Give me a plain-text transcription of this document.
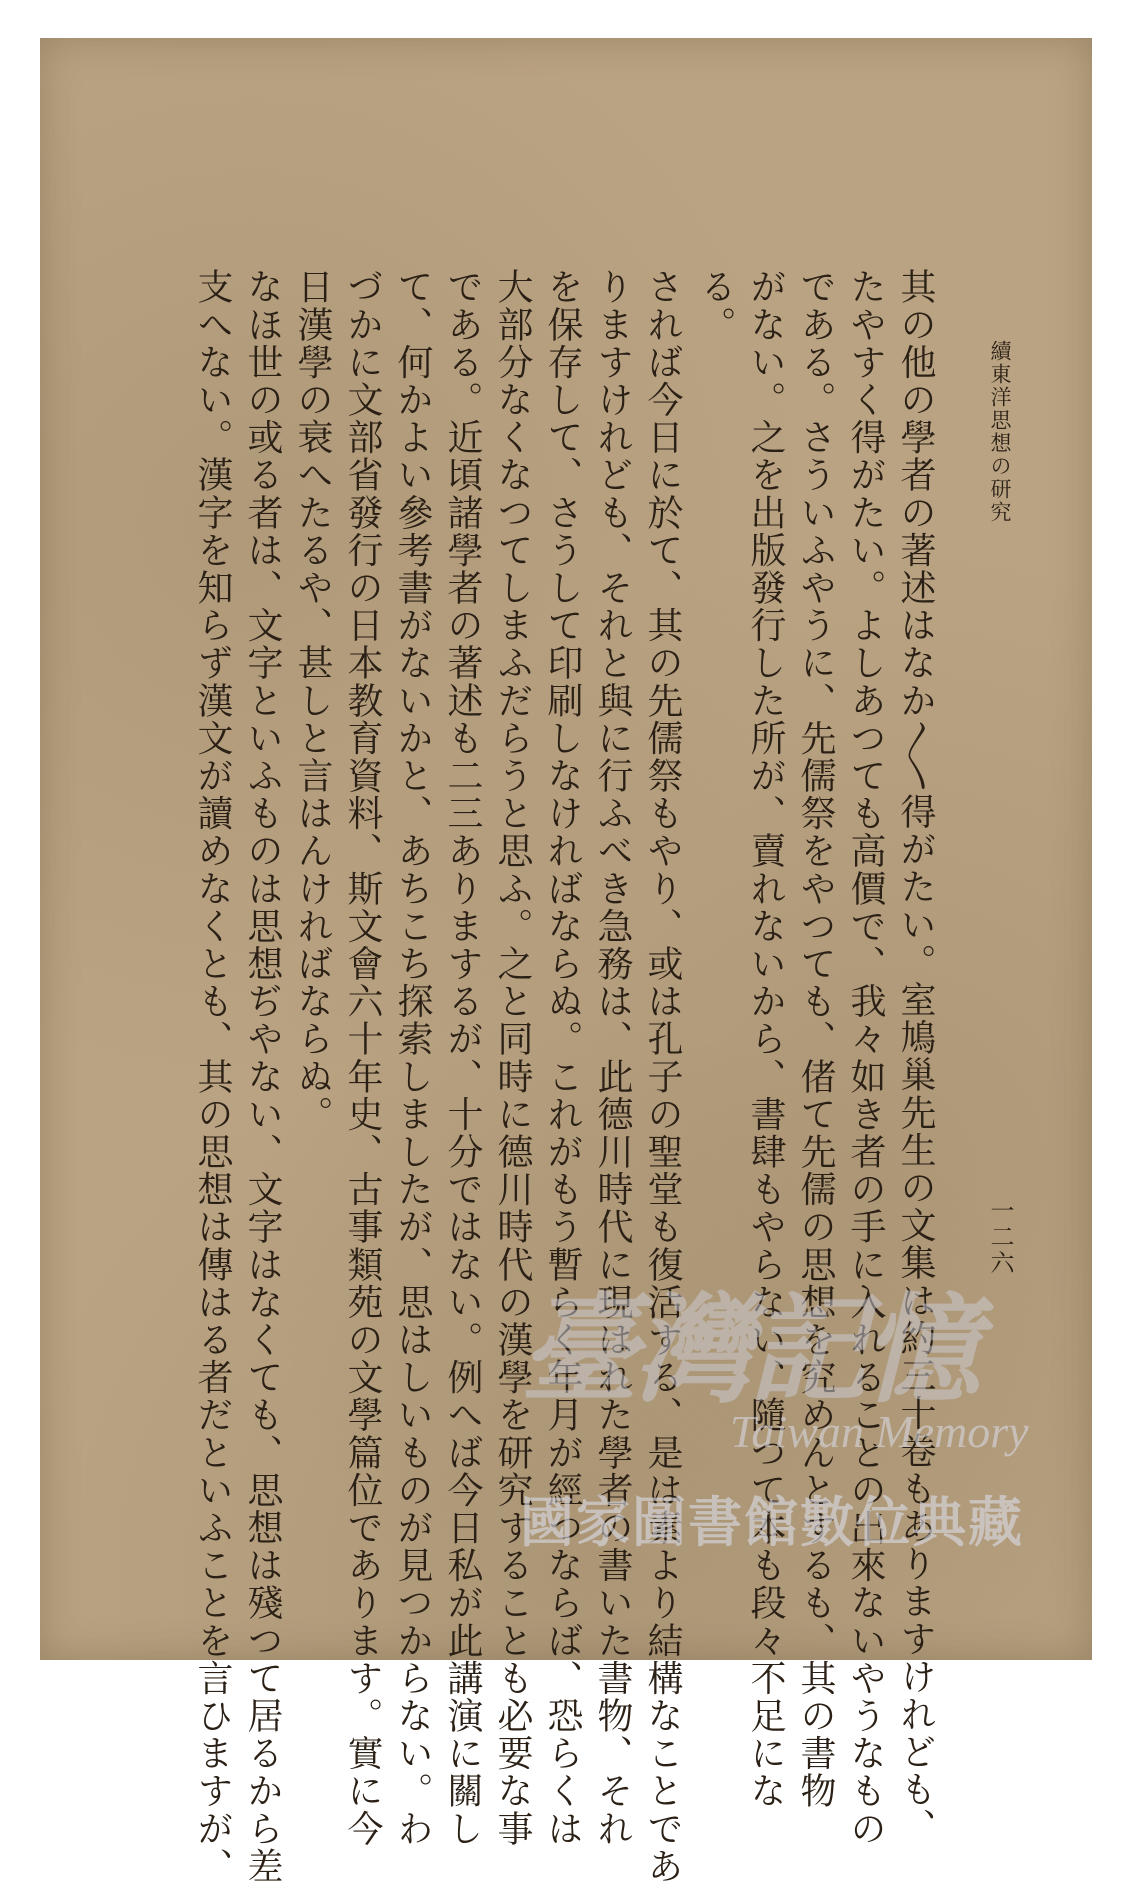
續東洋思想の研究
其の他の學者の著述はなか〳〵得がたい。室鳩巢先生の文集は約三十卷もありますけれども、
たやすく得がたい。よしあつても高價で、我々如き者の手に入れることの出來ないやうなもの
である。さういふやうに、先儒祭をやつても、偖て先儒の思想を究めんとするも、其の書物
がない。之を出版發行した所が、賣れないから、書肆もやらない、隨つて本も段々不足にな
る。
されば今日に於て、其の先儒祭もやり、或は孔子の聖堂も復活する、是は素より結構なことであ
りますけれども、それと與に行ふべき急務は、此德川時代に現はれた學者の書いた書物、それ
を保存して、さうして印刷しなければならぬ。これがもう暫らく年月が經つならば、恐らくは
大部分なくなつてしまふだらうと思ふ。之と同時に德川時代の漢學を研究することも必要な事
である。近頃諸學者の著述も二三ありまするが、十分ではない。例へば今日私が此講演に關し
て、何かよい參考書がないかと、あちこち探索しましたが、思はしいものが見つからない。わ
づかに文部省發行の日本教育資料、斯文會六十年史、古事類苑の文學篇位であります。實に今
日漢學の衰へたるや、甚しと言はんければならぬ。
なほ世の或る者は、文字といふものは思想ぢやない、文字はなくても、思想は殘つて居るから差
支へない。漢字を知らず漢文が讀めなくとも、其の思想は傳はる者だといふことを言ひますが、	一二六
臺灣記憶
Taiwan Memory
國家圖書館數位典藏
